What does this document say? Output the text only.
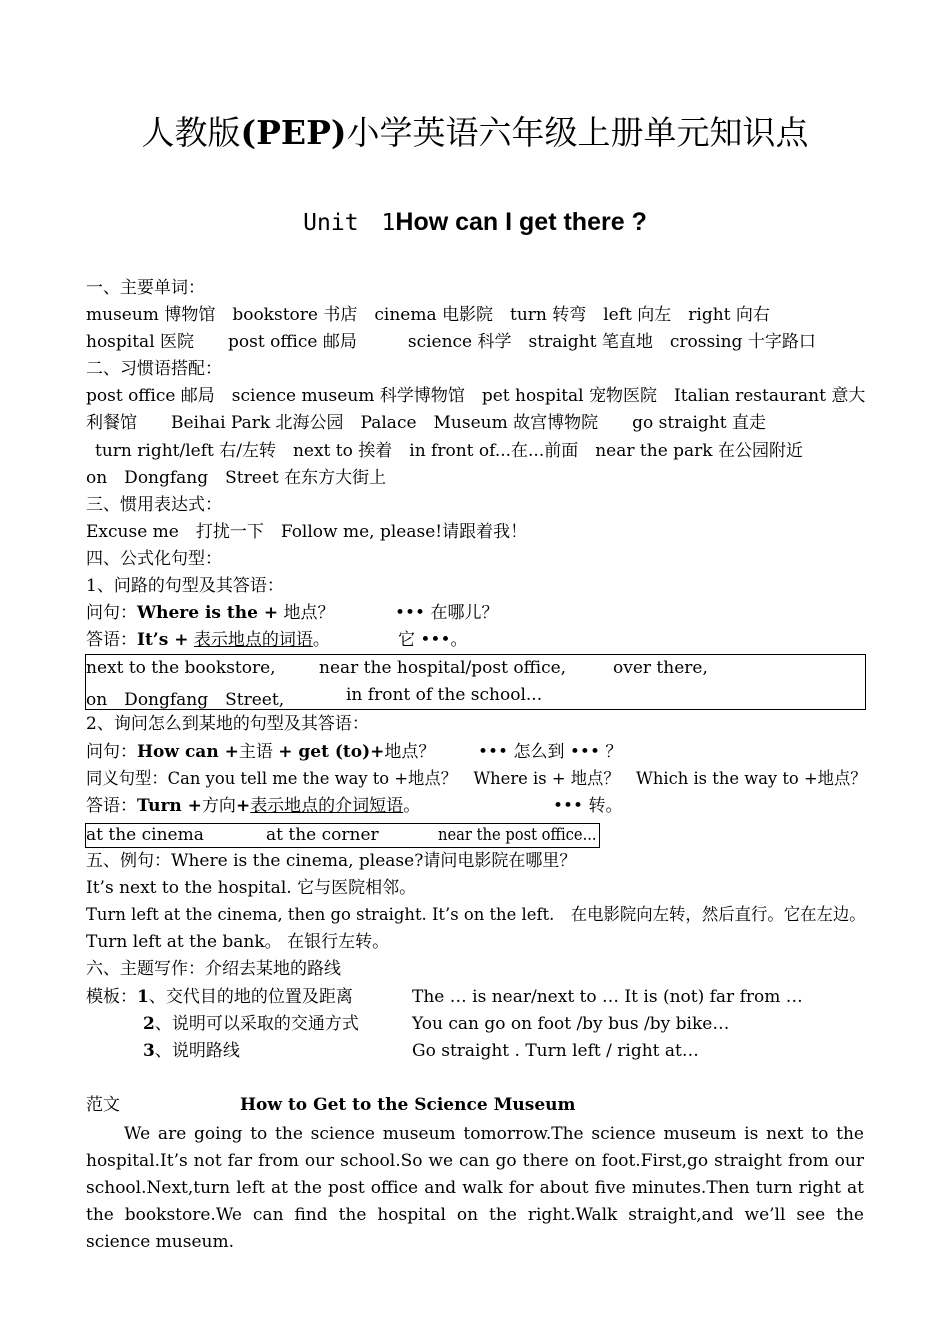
人教版(PEP)小学英语六年级上册单元知识点
Unit　1How can I get there ?
一、主要单词：
museum 博物馆　bookstore 书店　cinema 电影院　turn 转弯　left 向左　right 向右
hospital 医院　　post office 邮局　　　science 科学　straight 笔直地　crossing 十字路口
二、习惯语搭配：
post office 邮局　science museum 科学博物馆　pet hospital 宠物医院　Italian restaurant 意大
利餐馆　　Beihai Park 北海公园　Palace　Museum 故宫博物院　　go straight 直走
turn right/left 右/左转　next to 挨着　in front of...在...前面　near the park 在公园附近
on　Dongfang　Street 在东方大街上
三、惯用表达式：
Excuse me　打扰一下　Follow me, please!请跟着我！
四、公式化句型：
1、问路的句型及其答语：
问句：Where is the + 地点？	••• 在哪儿？
答语：It’s + 表示地点的词语。	它 •••。
next to the bookstore,	near the hospital/post office,	over there,
on　Dongfang　Street,	in front of the school...
2、询问怎么到某地的句型及其答语：
问句：How can +主语 + get (to)+地点？	••• 怎么到 ••• ？
同义句型：Can you tell me the way to +地点？　Where is + 地点？　Which is the way to +地点？
答语：Turn +方向+表示地点的介词短语。	••• 转。
at the cinema	at the corner	near the post office...
五、例句：Where is the cinema, please?请问电影院在哪里？
It’s next to the hospital. 它与医院相邻。
Turn left at the cinema, then go straight. It’s on the left.　在电影院向左转，然后直行。它在左边。
Turn left at the bank。 在银行左转。
六、主题写作：介绍去某地的路线
模板：1、交代目的地的位置及距离	The … is near/next to … It is (not) far from …
2、说明可以采取的交通方式	You can go on foot /by bus /by bike…
3、说明路线	Go straight . Turn left / right at…
范文	How to Get to the Science Museum
We are going to the science museum tomorrow.The science museum is next to the hospital.It’s not far from our school.So we can go there on foot.First,go straight from our school.Next,turn left at the post office and walk for about five minutes.Then turn right at the bookstore.We can find the hospital on the right.Walk straight,and we’ll see the science museum.
